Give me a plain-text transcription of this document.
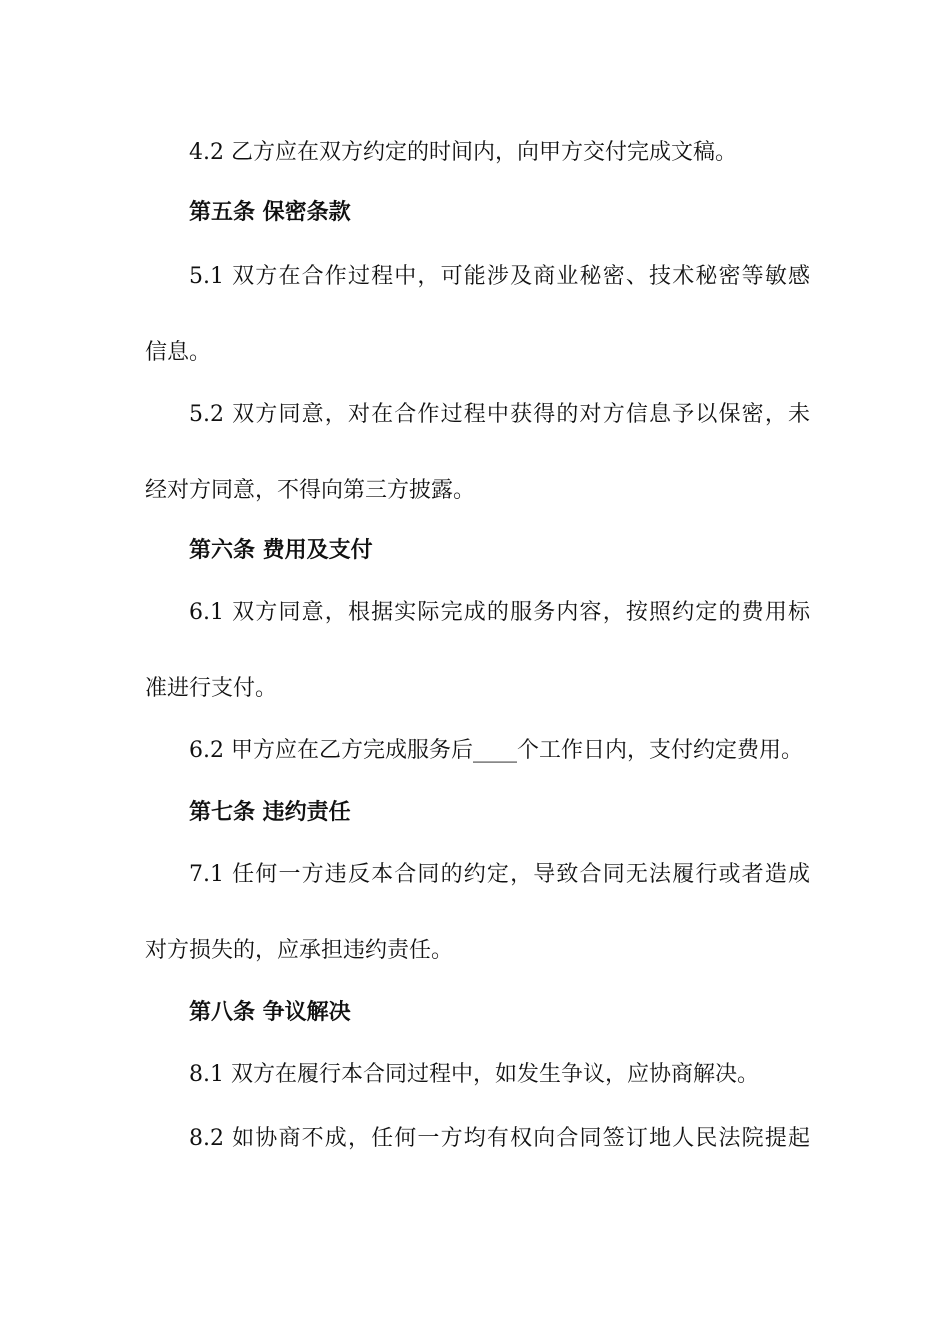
4.2 乙方应在双方约定的时间内，向甲方交付完成文稿。
第五条 保密条款
5.1 双方在合作过程中，可能涉及商业秘密、技术秘密等敏感
信息。
5.2 双方同意，对在合作过程中获得的对方信息予以保密，未
经对方同意，不得向第三方披露。
第六条 费用及支付
6.1 双方同意，根据实际完成的服务内容，按照约定的费用标
准进行支付。
6.2 甲方应在乙方完成服务后____个工作日内，支付约定费用。
第七条 违约责任
7.1 任何一方违反本合同的约定，导致合同无法履行或者造成
对方损失的，应承担违约责任。
第八条 争议解决
8.1 双方在履行本合同过程中，如发生争议，应协商解决。
8.2 如协商不成，任何一方均有权向合同签订地人民法院提起
